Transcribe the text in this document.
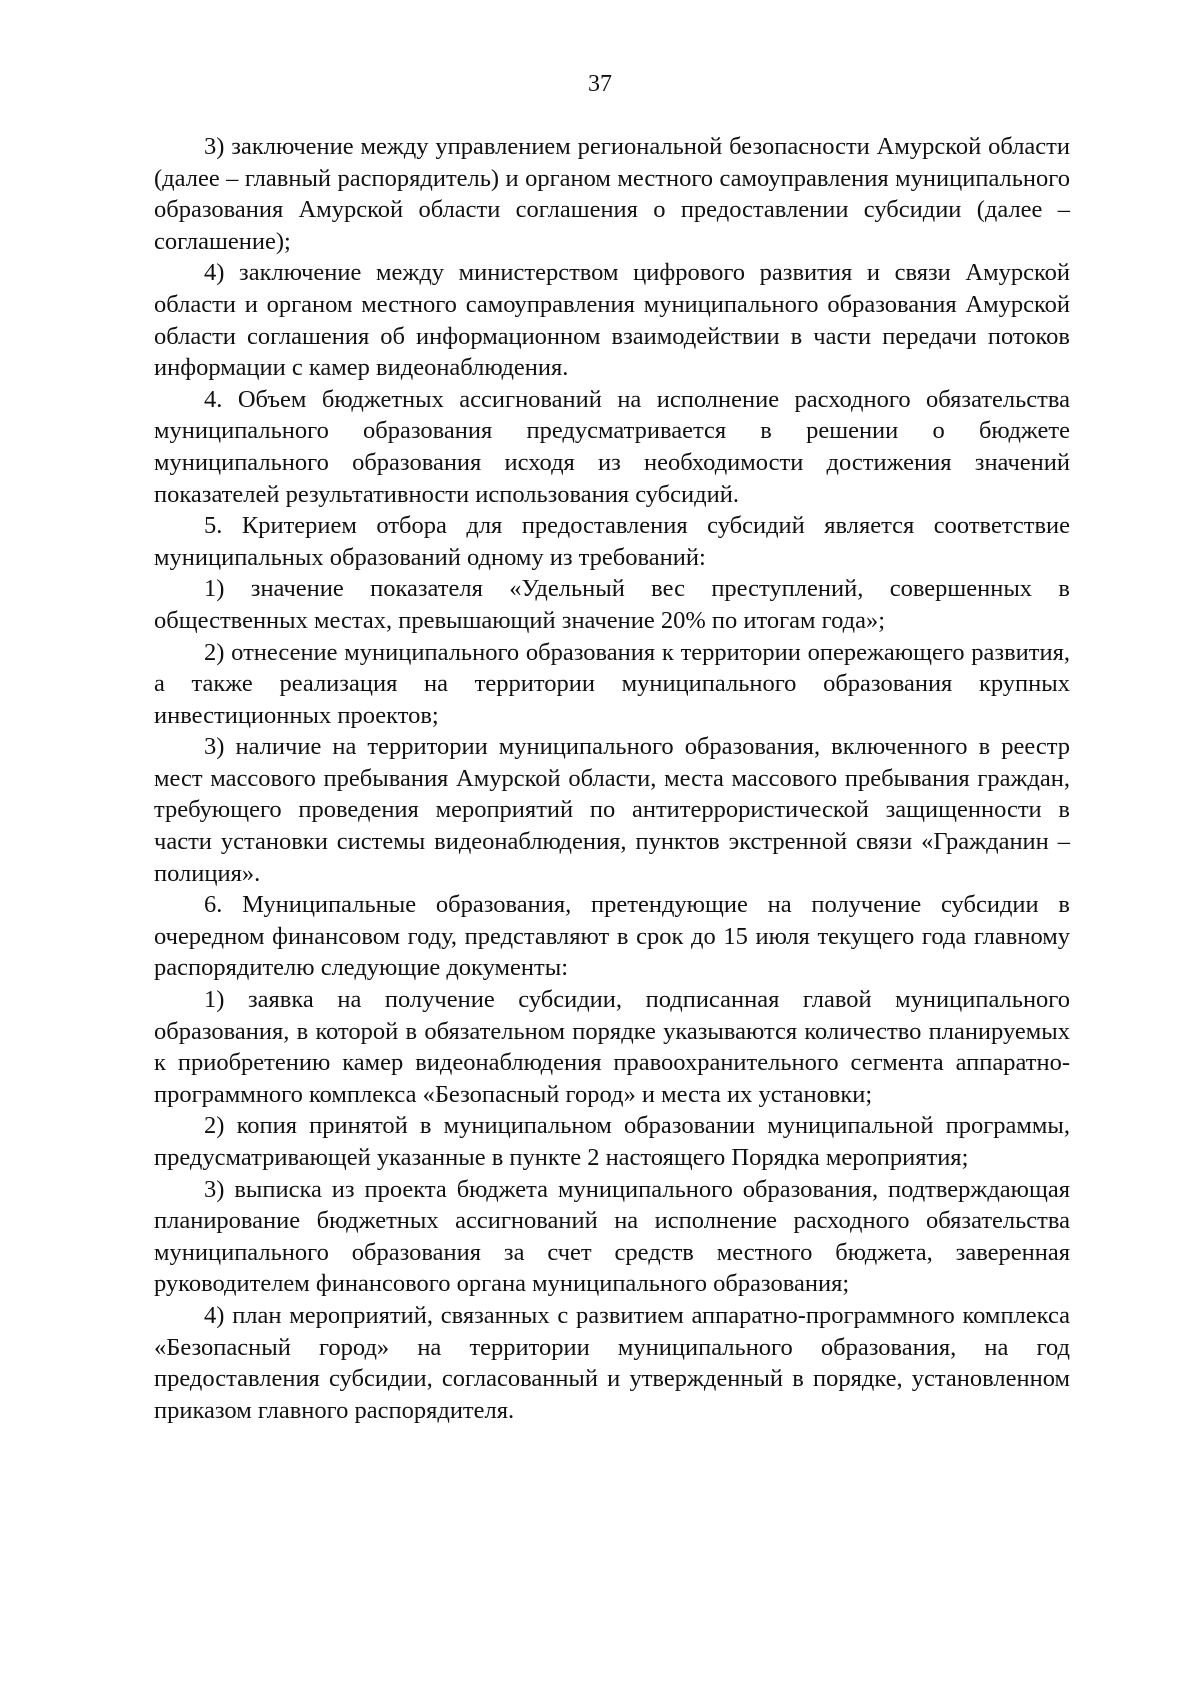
37

3) заключение между управлением региональной безопасности Амурской области (далее – главный распорядитель) и органом местного самоуправления муниципального образования Амурской области соглашения о предоставлении субсидии (далее – соглашение);

4) заключение между министерством цифрового развития и связи Амурской области и органом местного самоуправления муниципального образования Амурской области соглашения об информационном взаимодействии в части передачи потоков информации с камер видеонаблюдения.

4. Объем бюджетных ассигнований на исполнение расходного обязательства муниципального образования предусматривается в решении о бюджете муниципального образования исходя из необходимости достижения значений показателей результативности использования субсидий.

5. Критерием отбора для предоставления субсидий является соответствие муниципальных образований одному из требований:

1) значение показателя «Удельный вес преступлений, совершенных в общественных местах, превышающий значение 20% по итогам года»;

2) отнесение муниципального образования к территории опережающего развития, а также реализация на территории муниципального образования крупных инвестиционных проектов;

3) наличие на территории муниципального образования, включенного в реестр мест массового пребывания Амурской области, места массового пребывания граждан, требующего проведения мероприятий по антитеррористической защищенности в части установки системы видеонаблюдения, пунктов экстренной связи «Гражданин – полиция».

6. Муниципальные образования, претендующие на получение субсидии в очередном финансовом году, представляют в срок до 15 июля текущего года главному распорядителю следующие документы:

1) заявка на получение субсидии, подписанная главой муниципального образования, в которой в обязательном порядке указываются количество планируемых к приобретению камер видеонаблюдения правоохранительного сегмента аппаратно-программного комплекса «Безопасный город» и места их установки;

2) копия принятой в муниципальном образовании муниципальной программы, предусматривающей указанные в пункте 2 настоящего Порядка мероприятия;

3) выписка из проекта бюджета муниципального образования, подтверждающая планирование бюджетных ассигнований на исполнение расходного обязательства муниципального образования за счет средств местного бюджета, заверенная руководителем финансового органа муниципального образования;

4) план мероприятий, связанных с развитием аппаратно-программного комплекса «Безопасный город» на территории муниципального образования, на год предоставления субсидии, согласованный и утвержденный в порядке, установленном приказом главного распорядителя.
